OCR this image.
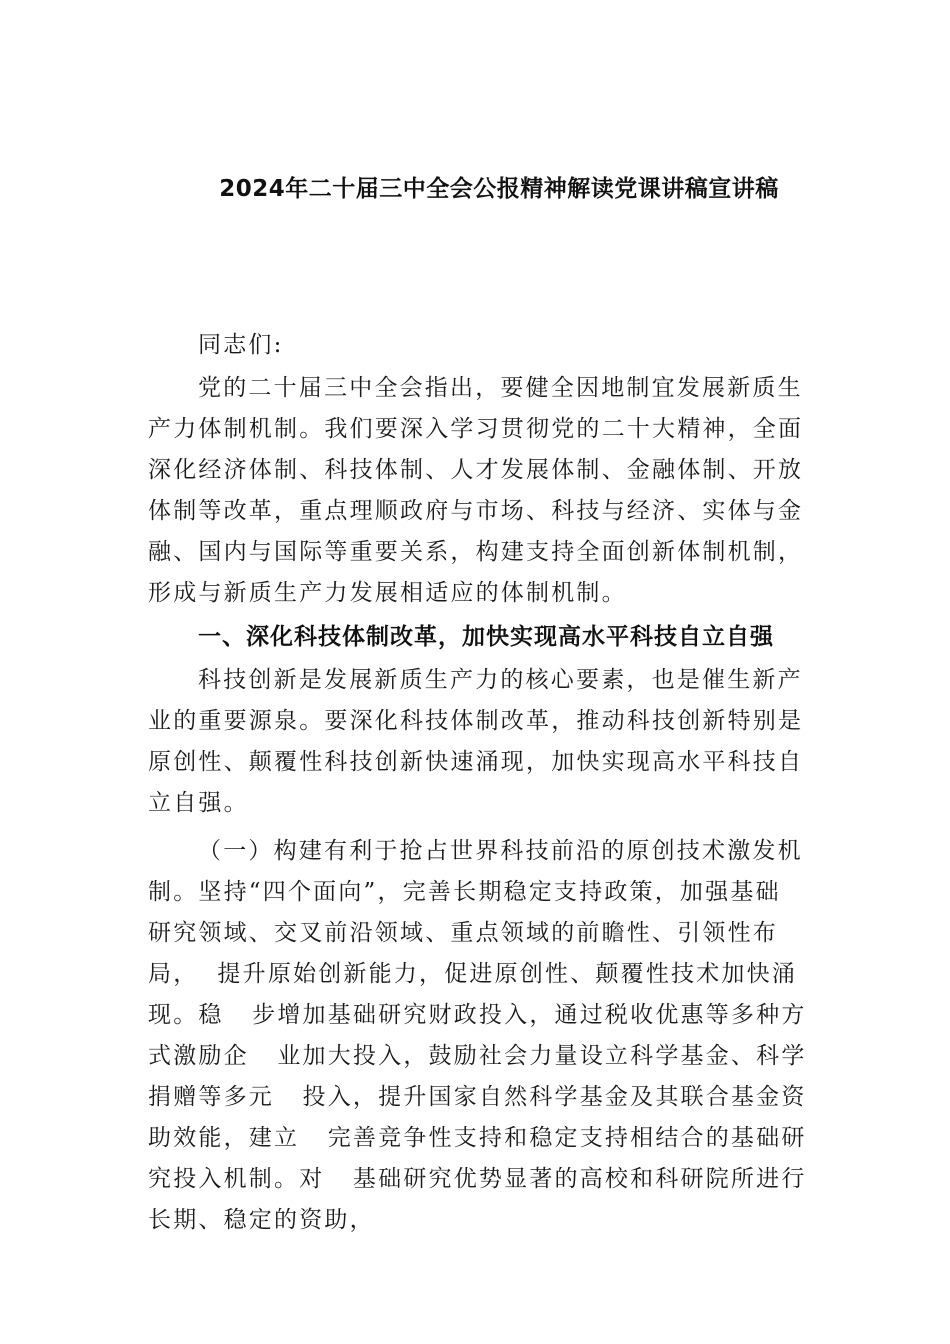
2024年二十届三中全会公报精神解读党课讲稿宣讲稿
同志们:
党的二十届三中全会指出，要健全因地制宜发展新质生
产力体制机制。我们要深入学习贯彻党的二十大精神，全面
深化经济体制、科技体制、人才发展体制、金融体制、开放
体制等改革，重点理顺政府与市场、科技与经济、实体与金
融、国内与国际等重要关系，构建支持全面创新体制机制，
形成与新质生产力发展相适应的体制机制。
一、深化科技体制改革，加快实现高水平科技自立自强
科技创新是发展新质生产力的核心要素，也是催生新产
业的重要源泉。要深化科技体制改革，推动科技创新特别是
原创性、颠覆性科技创新快速涌现，加快实现高水平科技自
立自强。
（一）构建有利于抢占世界科技前沿的原创技术激发机
制。坚持“四个面向”，完善长期稳定支持政策，加强基础
研究领域、交叉前沿领域、重点领域的前瞻性、引领性布
局，  提升原始创新能力，促进原创性、颠覆性技术加快涌
现。稳   步增加基础研究财政投入，通过税收优惠等多种方
式激励企   业加大投入，鼓励社会力量设立科学基金、科学
捐赠等多元   投入，提升国家自然科学基金及其联合基金资
助效能，建立   完善竞争性支持和稳定支持相结合的基础研
究投入机制。对   基础研究优势显著的高校和科研院所进行
长期、稳定的资助，
